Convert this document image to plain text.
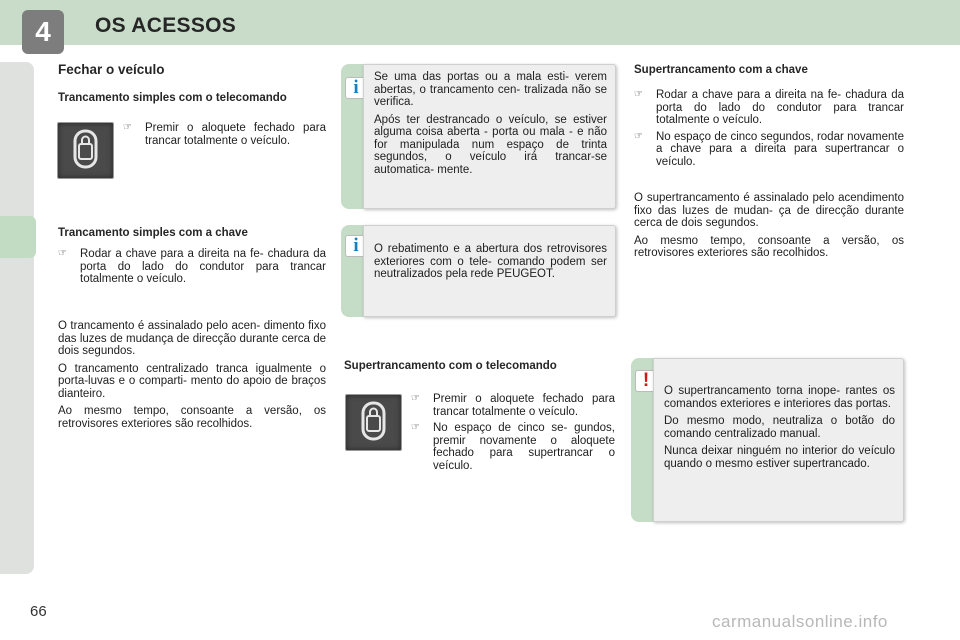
4 OS ACESSOS
Fechar o veículo
Trancamento simples com o telecomando
☞ Premir o aloquete fechado para trancar totalmente o veículo.
Trancamento simples com a chave
☞ Rodar a chave para a direita na fe- chadura da porta do lado do condutor para trancar totalmente o veículo.

O trancamento é assinalado pelo acen- dimento fixo das luzes de mudança de direcção durante cerca de dois segundos.

O trancamento centralizado tranca igualmente o porta-luvas e o comparti- mento do apoio de braços dianteiro.

Ao mesmo tempo, consoante a versão, os retrovisores exteriores são recolhidos.

i	Se uma das portas ou a mala esti- verem abertas, o trancamento cen- tralizada não se verifica.

Após ter destrancado o veículo, se estiver alguma coisa aberta - porta ou mala - e não for manipulada num espaço de trinta segundos, o veículo irá trancar-se automatica- mente.

i	O rebatimento e a abertura dos retrovisores exteriores com o tele- comando podem ser neutralizados pela rede PEUGEOT.

Supertrancamento com o telecomando
☞ Premir o aloquete fechado para trancar totalmente o veículo.
☞ No espaço de cinco se- gundos, premir novamente o aloquete fechado para supertrancar o veículo.
Supertrancamento com a chave
☞ Rodar a chave para a direita na fe- chadura da porta do lado do condutor para trancar totalmente o veículo.
☞ No espaço de cinco segundos, rodar novamente a chave para a direita para supertrancar o veículo.

O supertrancamento é assinalado pelo acendimento fixo das luzes de mudan- ça de direcção durante cerca de dois segundos.

Ao mesmo tempo, consoante a versão, os retrovisores exteriores são recolhidos.

!	O supertrancamento torna inope- rantes os comandos exteriores e interiores das portas.

Do mesmo modo, neutraliza o botão do comando centralizado manual.

Nunca deixar ninguém no interior do veículo quando o mesmo estiver supertrancado.

66
carmanualsonline.info
